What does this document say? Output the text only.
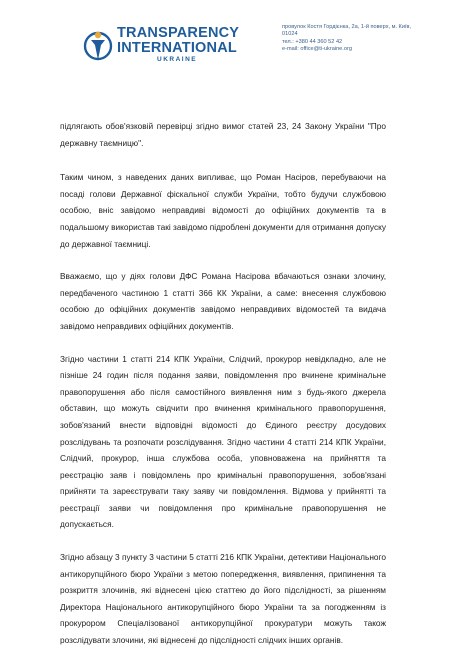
TRANSPARENCY
INTERNATIONAL
UKRAINE
провулок Костя Гордієнка, 2а, 1-й поверх, м. Київ,
01024
тел.: +380 44 360 52 42
e-mail: office@ti-ukraine.org

підлягають обов'язковій перевірці згідно вимог статей 23, 24 Закону України "Про державну таємницю".

Таким чином, з наведених даних випливає, що Роман Насіров, перебуваючи на посаді голови Державної фіскальної служби України, тобто будучи службовою особою, вніс завідомо неправдиві відомості до офіційних документів та в подальшому використав такі завідомо підроблені документи для отримання допуску до державної таємниці.

Вважаємо, що у діях голови ДФС Романа Насірова вбачаються ознаки злочину, передбаченого частиною 1 статті 366 КК України, а саме: внесення службовою особою до офіційних документів завідомо неправдивих відомостей та видача завідомо неправдивих офіційних документів.

Згідно частини 1 статті 214 КПК України, Слідчий, прокурор невідкладно, але не пізніше 24 годин після подання заяви, повідомлення про вчинене кримінальне правопорушення або після самостійного виявлення ним з будь-якого джерела обставин, що можуть свідчити про вчинення кримінального правопорушення, зобов'язаний внести відповідні відомості до Єдиного реєстру досудових розслідувань та розпочати розслідування. Згідно частини 4 статті 214 КПК України, Слідчий, прокурор, інша службова особа, уповноважена на прийняття та реєстрацію заяв і повідомлень про кримінальні правопорушення, зобов'язані прийняти та зареєструвати таку заяву чи повідомлення. Відмова у прийнятті та реєстрації заяви чи повідомлення про кримінальне правопорушення не допускається.

Згідно абзацу 3 пункту 3 частини 5 статті 216 КПК України, детективи Національного антикорупційного бюро України з метою попередження, виявлення, припинення та розкриття злочинів, які віднесені цією статтею до його підслідності, за рішенням Директора Національного антикорупційного бюро України та за погодженням із прокурором Спеціалізованої антикорупційної прокуратури можуть також розслідувати злочини, які віднесені до підслідності слідчих інших органів.
